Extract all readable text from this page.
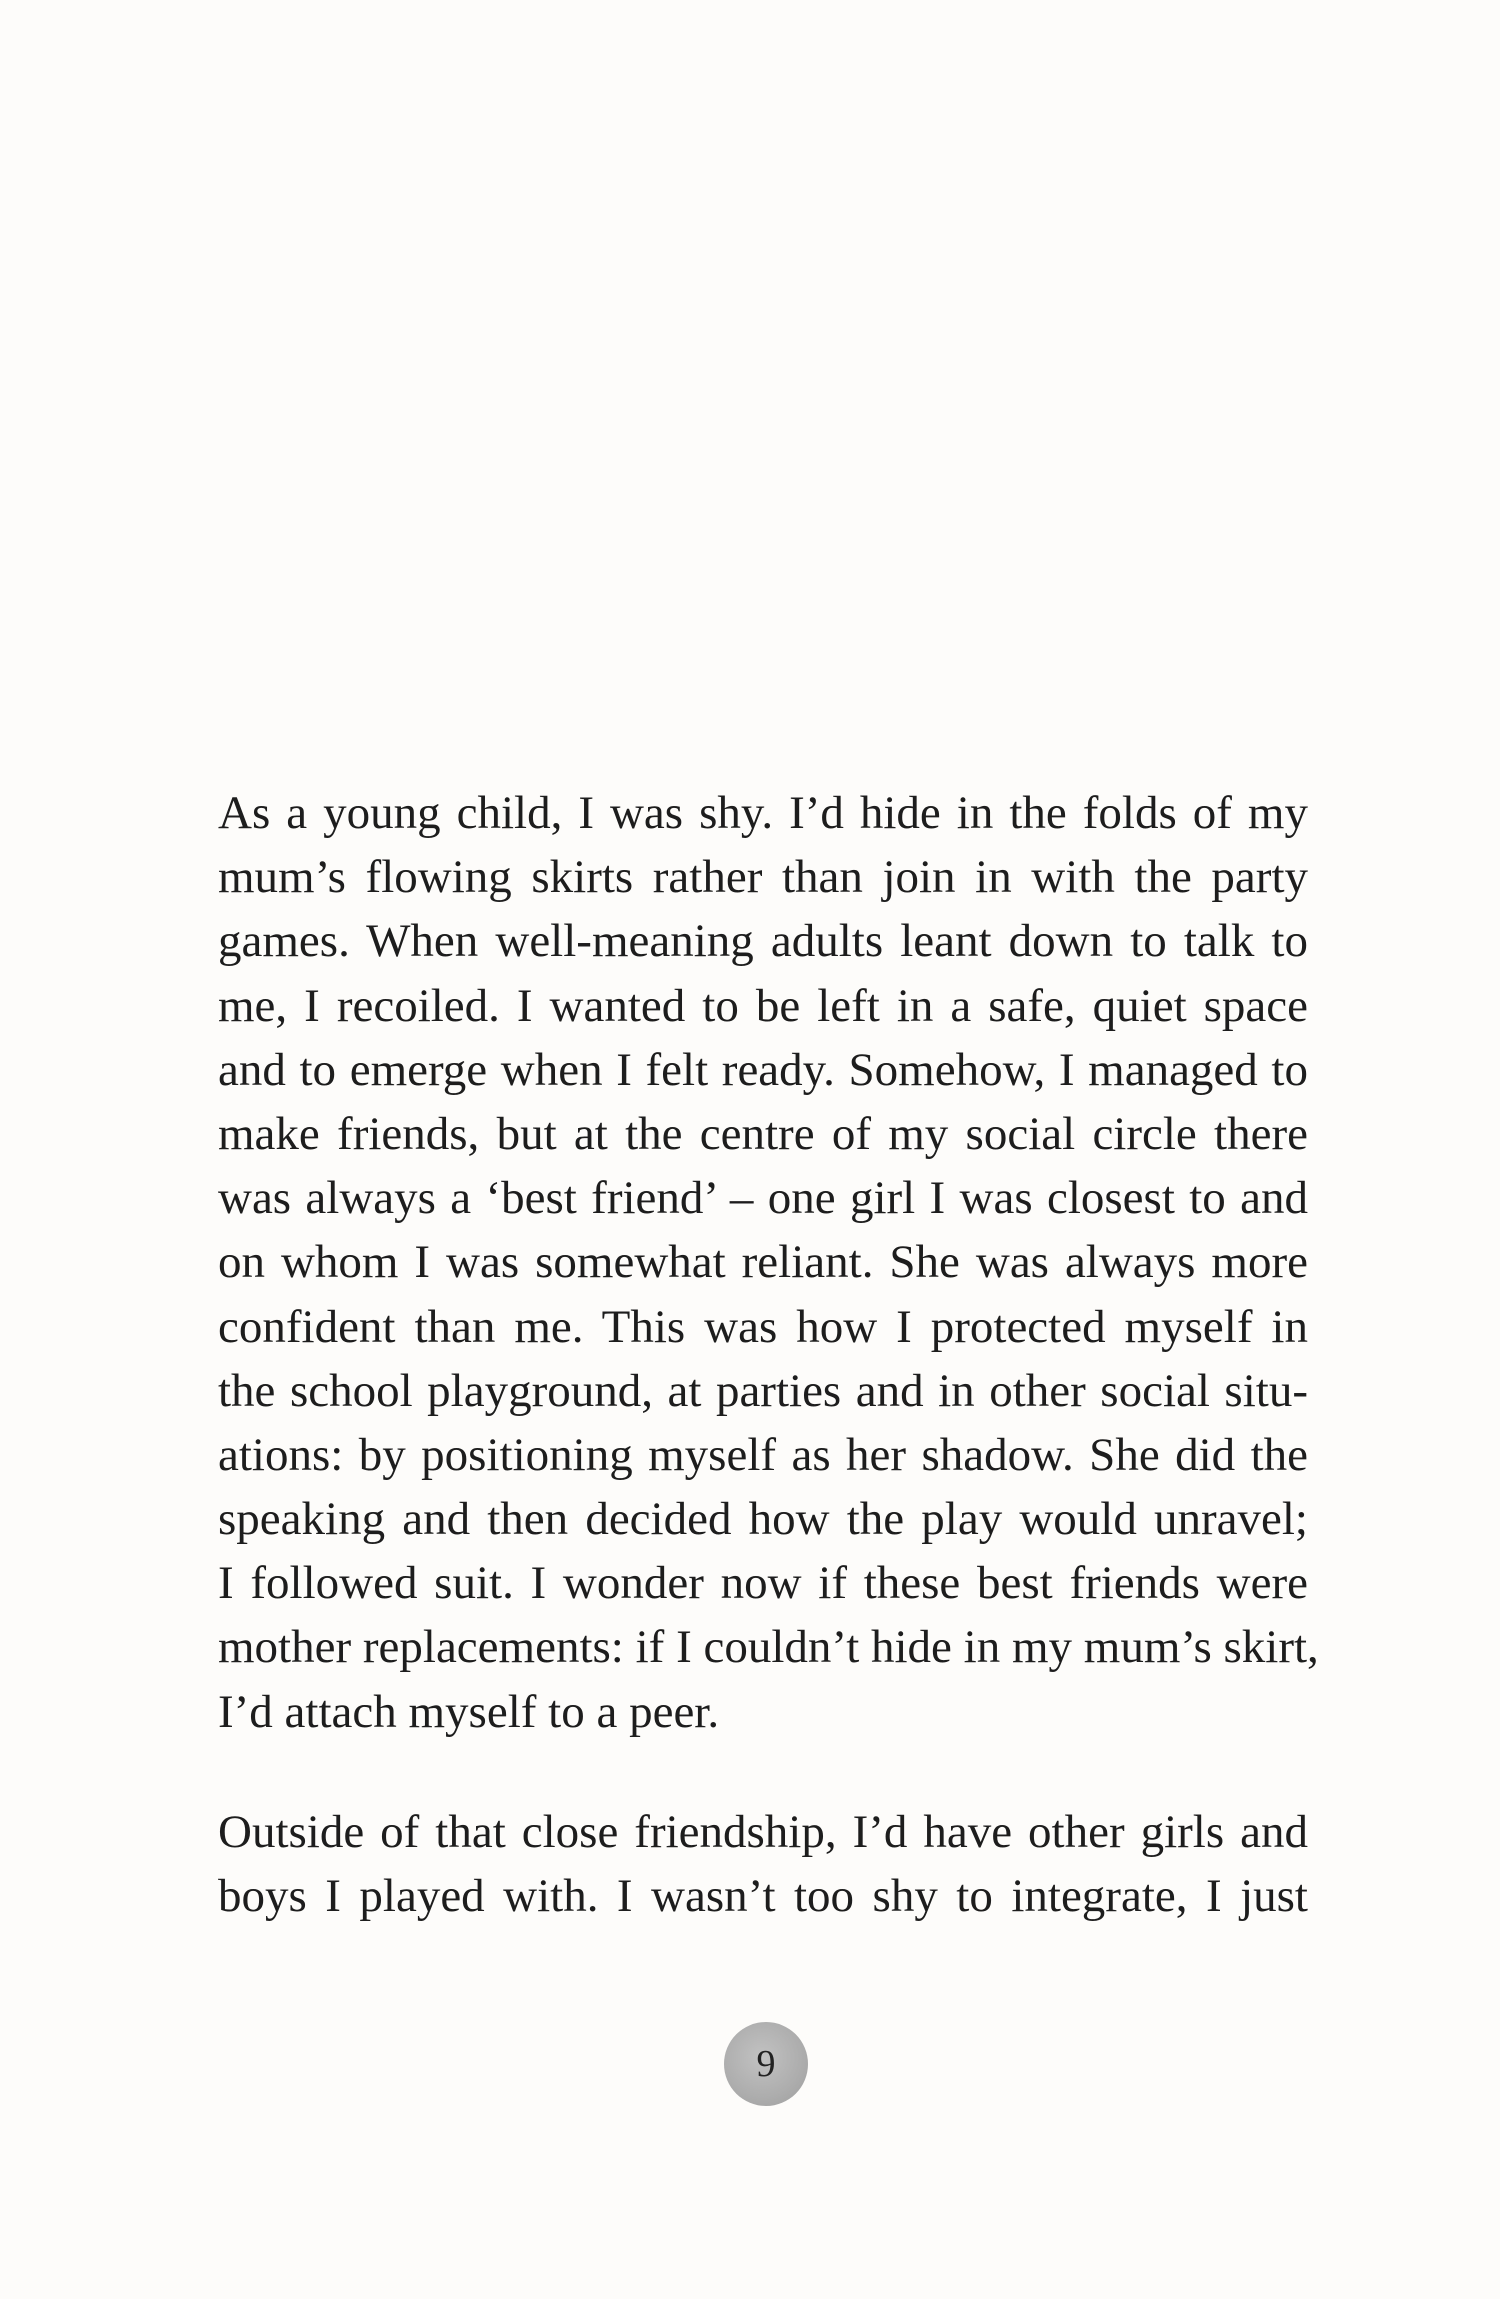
As a young child, I was shy. I’d hide in the folds of my
mum’s flowing skirts rather than join in with the party
games. When well-meaning adults leant down to talk to
me, I recoiled. I wanted to be left in a safe, quiet space
and to emerge when I felt ready. Somehow, I managed to
make friends, but at the centre of my social circle there
was always a ‘best friend’ – one girl I was closest to and
on whom I was somewhat reliant. She was always more
confident than me. This was how I protected myself in
the school playground, at parties and in other social situ-
ations: by positioning myself as her shadow. She did the
speaking and then decided how the play would unravel;
I followed suit. I wonder now if these best friends were
mother replacements: if I couldn’t hide in my mum’s skirt,
I’d attach myself to a peer.
Outside of that close friendship, I’d have other girls and
boys I played with. I wasn’t too shy to integrate, I just
9
